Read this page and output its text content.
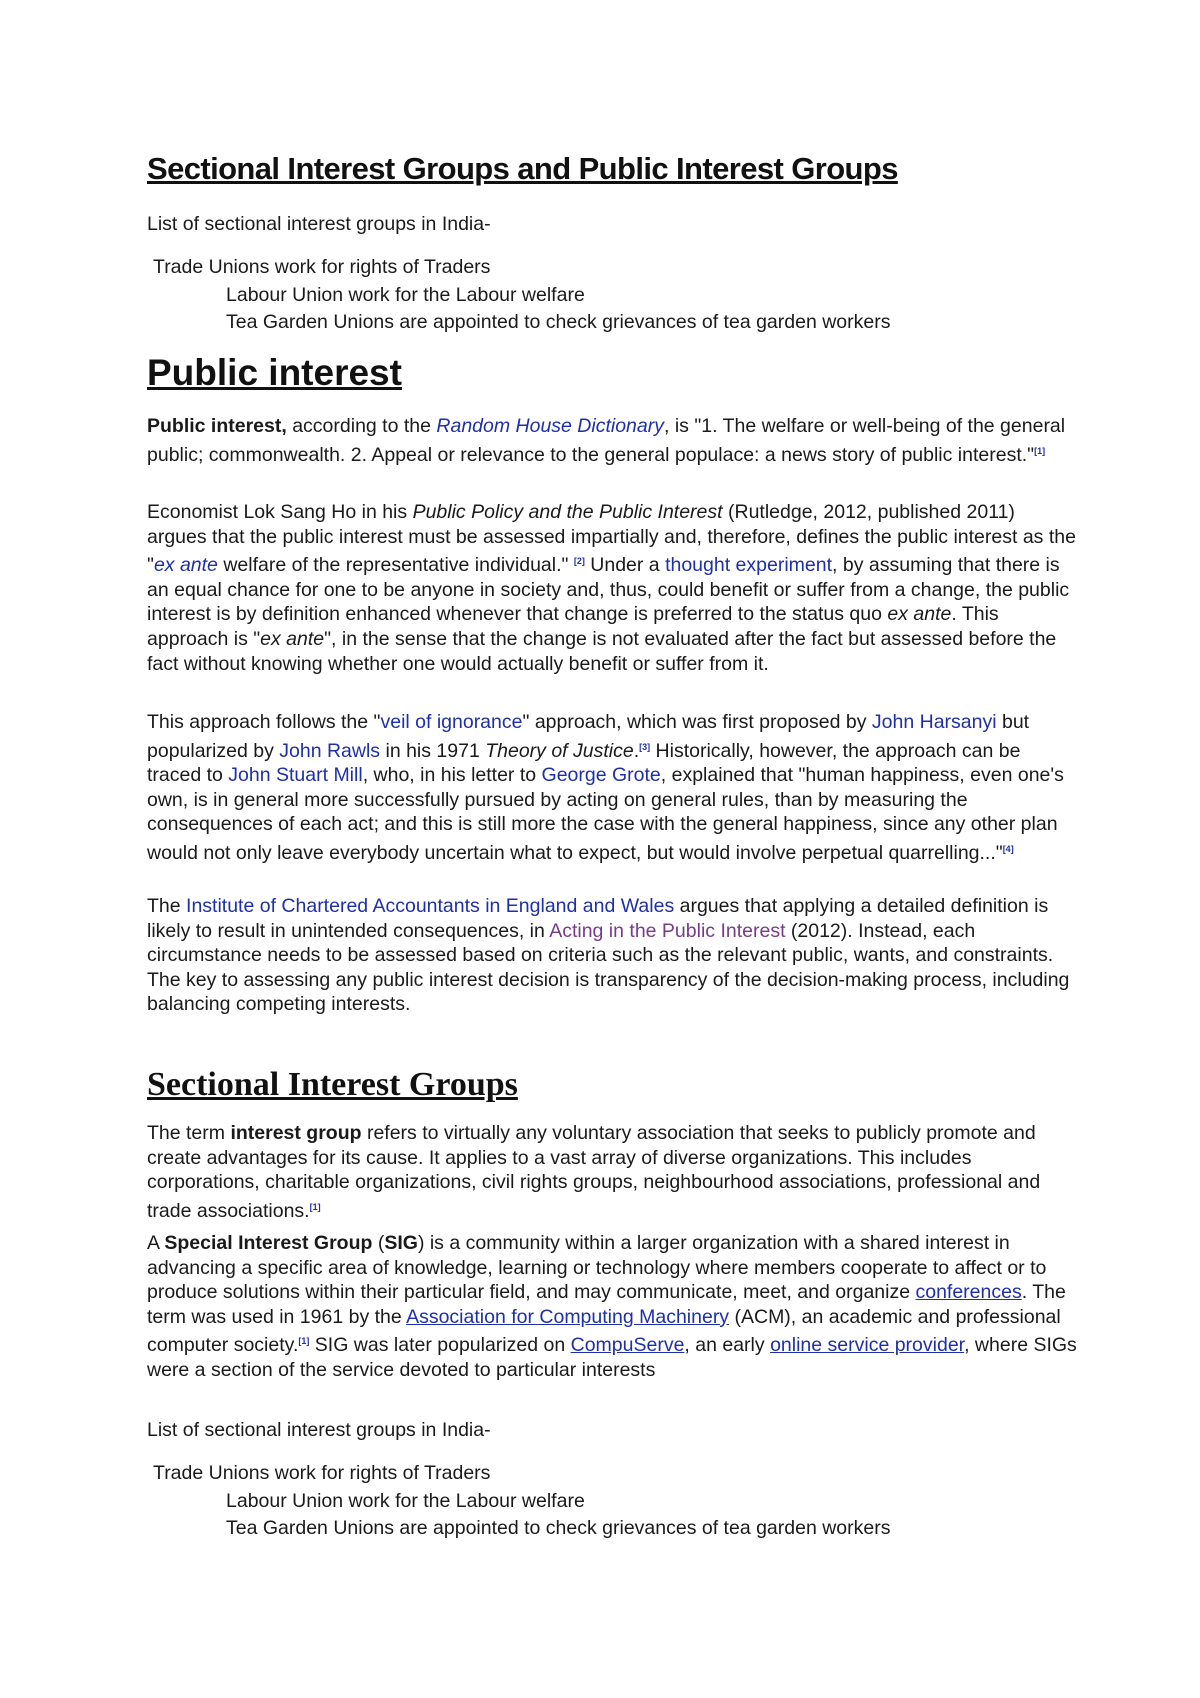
Sectional Interest Groups and Public Interest Groups
List of sectional interest groups in India-
Trade Unions work for rights of Traders
Labour Union work for the Labour welfare
Tea Garden Unions are appointed to check grievances of tea garden workers
Public interest

Public interest, according to the Random House Dictionary, is "1. The welfare or well-being of the general public; commonwealth. 2. Appeal or relevance to the general populace: a news story of public interest."[1]

Economist Lok Sang Ho in his Public Policy and the Public Interest (Rutledge, 2012, published 2011) argues that the public interest must be assessed impartially and, therefore, defines the public interest as the "ex ante welfare of the representative individual." [2] Under a thought experiment, by assuming that there is an equal chance for one to be anyone in society and, thus, could benefit or suffer from a change, the public interest is by definition enhanced whenever that change is preferred to the status quo ex ante. This approach is "ex ante", in the sense that the change is not evaluated after the fact but assessed before the fact without knowing whether one would actually benefit or suffer from it.

This approach follows the "veil of ignorance" approach, which was first proposed by John Harsanyi but popularized by John Rawls in his 1971 Theory of Justice.[3] Historically, however, the approach can be traced to John Stuart Mill, who, in his letter to George Grote, explained that "human happiness, even one's own, is in general more successfully pursued by acting on general rules, than by measuring the consequences of each act; and this is still more the case with the general happiness, since any other plan would not only leave everybody uncertain what to expect, but would involve perpetual quarrelling..."[4]

The Institute of Chartered Accountants in England and Wales argues that applying a detailed definition is likely to result in unintended consequences, in Acting in the Public Interest (2012). Instead, each circumstance needs to be assessed based on criteria such as the relevant public, wants, and constraints. The key to assessing any public interest decision is transparency of the decision-making process, including balancing competing interests.

Sectional Interest Groups

The term interest group refers to virtually any voluntary association that seeks to publicly promote and create advantages for its cause. It applies to a vast array of diverse organizations. This includes corporations, charitable organizations, civil rights groups, neighbourhood associations, professional and trade associations.[1]

A Special Interest Group (SIG) is a community within a larger organization with a shared interest in advancing a specific area of knowledge, learning or technology where members cooperate to affect or to produce solutions within their particular field, and may communicate, meet, and organize conferences. The term was used in 1961 by the Association for Computing Machinery (ACM), an academic and professional computer society.[1] SIG was later popularized on CompuServe, an early online service provider, where SIGs were a section of the service devoted to particular interests

List of sectional interest groups in India-
Trade Unions work for rights of Traders
Labour Union work for the Labour welfare
Tea Garden Unions are appointed to check grievances of tea garden workers
